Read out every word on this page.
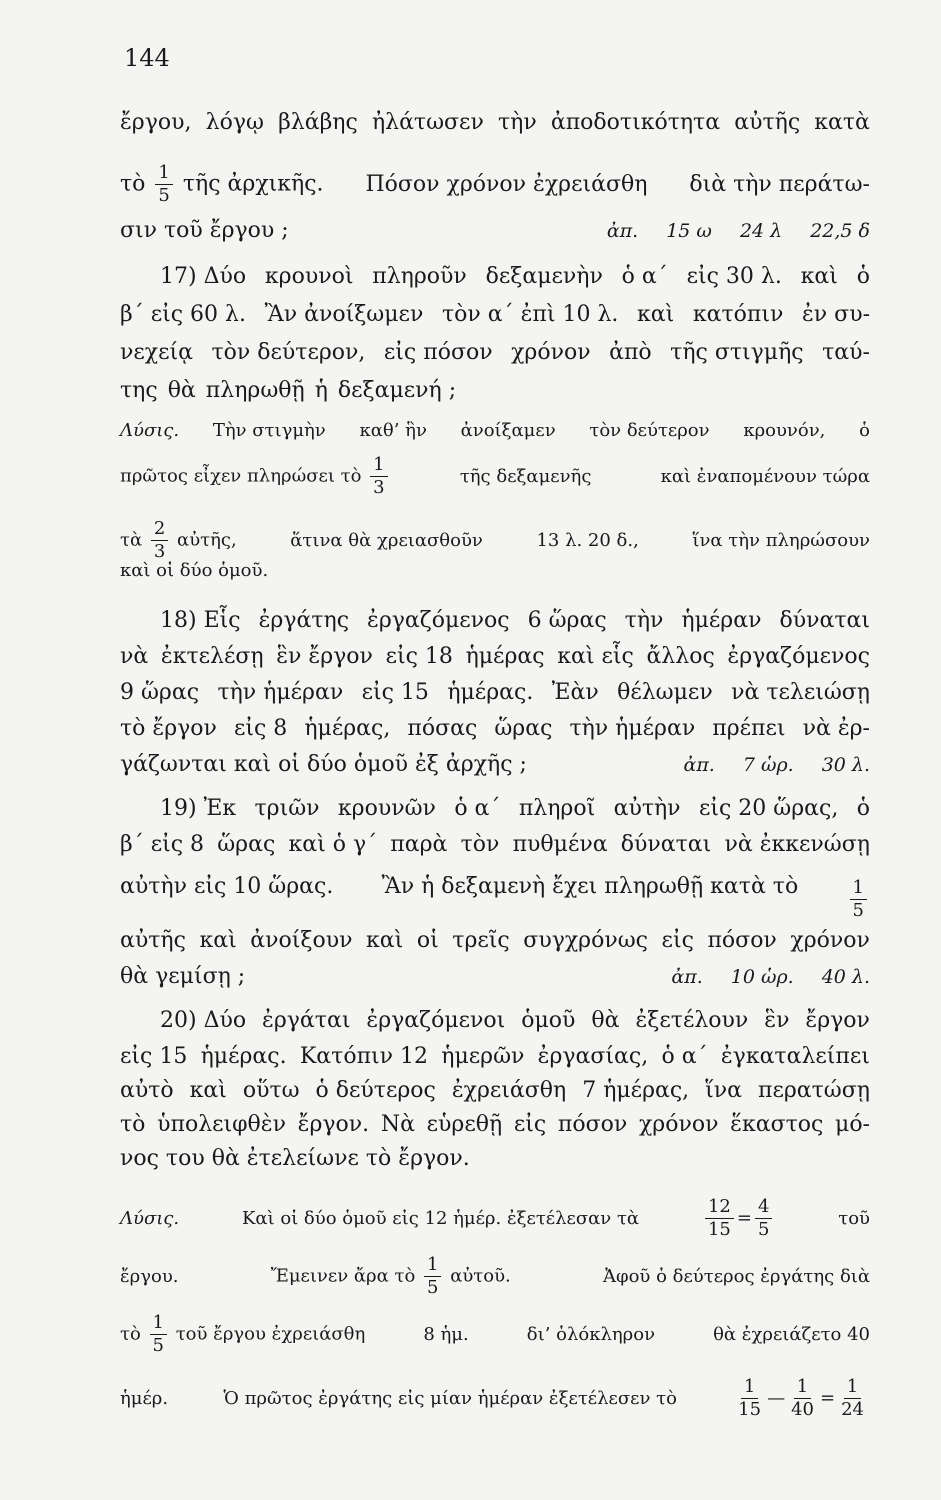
144
ἔργου, λόγῳ βλάβης ἠλάτωσεν τὴν ἀποδοτικότητα αὐτῆς κατὰ
τὸ $\frac{1}{5}$ τῆς ἀρχικῆς. Πόσον χρόνον ἐχρειάσθη διὰ τὴν περάτω-
σιν τοῦ ἔργου ;	ἀπ. 15 ω 24 λ 22,5 δ
17) Δύο κρουνοὶ πληροῦν δεξαμενὴν ὁ α΄ εἰς 30 λ. καὶ ὁ
β΄ εἰς 60 λ. Ἂν ἀνοίξωμεν τὸν α΄ ἐπὶ 10 λ. καὶ κατόπιν ἐν συ-
νεχείᾳ τὸν δεύτερον, εἰς πόσον χρόνον ἀπὸ τῆς στιγμῆς ταύ-
της θὰ πληρωθῇ ἡ δεξαμενή ;
Λύσις. Τὴν στιγμὴν καθ’ ἣν ἀνοίξαμεν τὸν δεύτερον κρουνόν, ὁ
πρῶτος εἶχεν πληρώσει τὸ $\frac{1}{3}$	τῆς δεξαμενῆς	καὶ ἐναπομένουν τώρα
τὰ $\frac{2}{3}$ αὐτῆς,	ἅτινα θὰ χρειασθοῦν	13 λ. 20 δ.,	ἵνα τὴν πληρώσουν
καὶ οἱ δύο ὁμοῦ.
18) Εἷς ἐργάτης ἐργαζόμενος 6 ὥρας τὴν ἡμέραν δύναται
νὰ ἐκτελέσῃ ἓν ἔργον εἰς 18 ἡμέρας καὶ εἷς ἄλλος ἐργαζόμενος
9 ὥρας τὴν ἡμέραν εἰς 15 ἡμέρας. Ἐὰν θέλωμεν νὰ τελειώσῃ
τὸ ἔργον εἰς 8 ἡμέρας, πόσας ὥρας τὴν ἡμέραν πρέπει νὰ ἐρ-
γάζωνται καὶ οἱ δύο ὁμοῦ ἐξ ἀρχῆς ;	ἀπ. 7 ὡρ. 30 λ.
19) Ἐκ τριῶν κρουνῶν ὁ α΄ πληροῖ αὐτὴν εἰς 20 ὥρας, ὁ
β΄ εἰς 8 ὥρας καὶ ὁ γ΄ παρὰ τὸν πυθμένα δύναται νὰ ἐκκενώσῃ
αὐτὴν εἰς 10 ὥρας. Ἂν ἡ δεξαμενὴ ἔχει πληρωθῇ κατὰ τὸ	1
5
αὐτῆς καὶ ἀνοίξουν καὶ οἱ τρεῖς συγχρόνως εἰς πόσον χρόνον
θὰ γεμίσῃ ;	ἀπ. 10 ὡρ. 40 λ.
20) Δύο ἐργάται ἐργαζόμενοι ὁμοῦ θὰ ἐξετέλουν ἓν ἔργον
εἰς 15 ἡμέρας. Κατόπιν 12 ἡμερῶν ἐργασίας, ὁ α΄ ἐγκαταλείπει
αὐτὸ καὶ οὕτω ὁ δεύτερος ἐχρειάσθη 7 ἡμέρας, ἵνα περατώσῃ
τὸ ὑπολειφθὲν ἔργον. Νὰ εὑρεθῇ εἰς πόσον χρόνον ἕκαστος μό-
νος του θὰ ἐτελείωνε τὸ ἔργον.
Λύσις.	Καὶ οἱ δύο ὁμοῦ εἰς 12 ἡμέρ. ἐξετέλεσαν τὰ	$\frac{12}{15} = \frac{4}{5}$	τοῦ
ἔργου.	Ἔμεινεν ἄρα τὸ $\frac{1}{5}$ αὐτοῦ.	Ἀφοῦ ὁ δεύτερος ἐργάτης διὰ
τὸ $\frac{1}{5}$ τοῦ ἔργου ἐχρειάσθη	8 ἡμ.	δι’ ὁλόκληρον	θὰ ἐχρειάζετο 40
ἡμέρ.	Ὁ πρῶτος ἐργάτης εἰς μίαν ἡμέραν ἐξετέλεσεν τὸ	$\frac{1}{15}$ — $\frac{1}{40} = \frac{1}{24}$
